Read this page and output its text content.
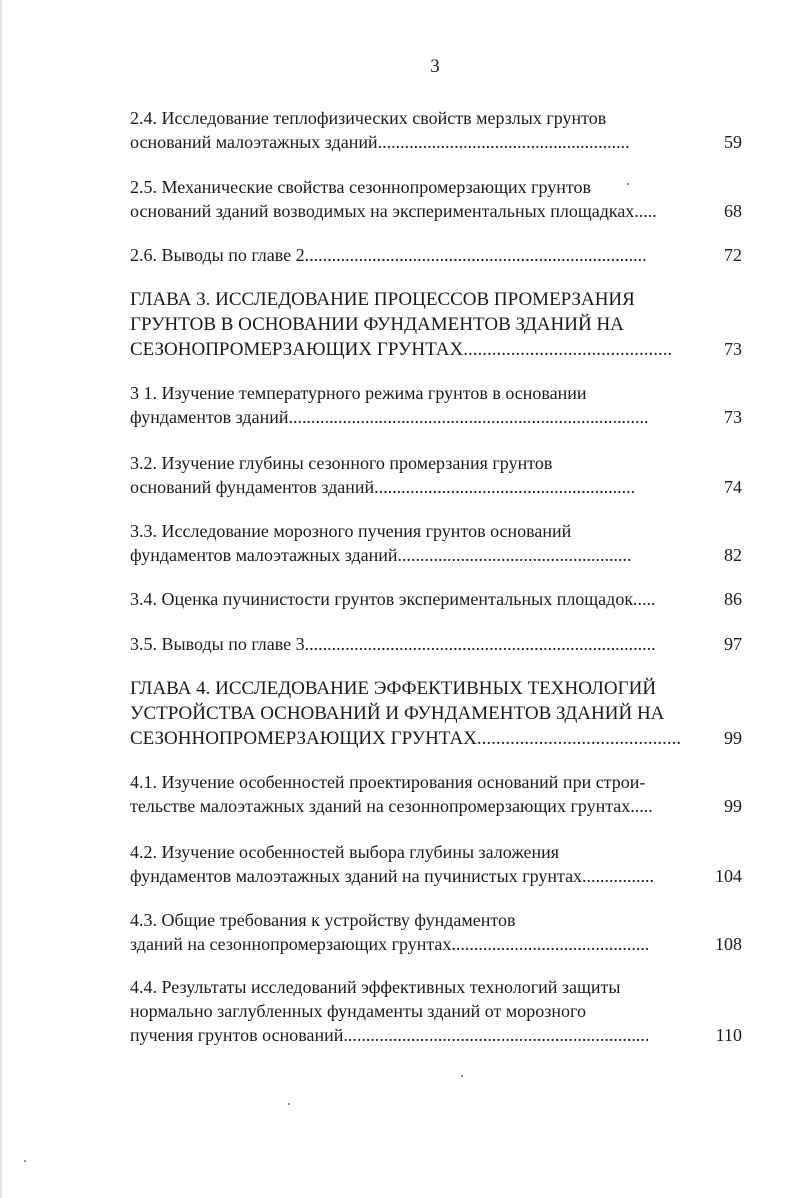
3
2.4. Исследование теплофизических свойств мерзлых грунтов
оснований малоэтажных зданий........................................................	59
2.5. Механические свойства сезоннопромерзающих грунтов
оснований зданий возводимых на экспериментальных площадках.....	68
2.6. Выводы по главе 2............................................................................	72
ГЛАВА 3. ИССЛЕДОВАНИЕ ПРОЦЕССОВ ПРОМЕРЗАНИЯ
ГРУНТОВ В ОСНОВАНИИ ФУНДАМЕНТОВ ЗДАНИЙ НА
СЕЗОНОПРОМЕРЗАЮЩИХ ГРУНТАХ............................................	73
3 1. Изучение температурного режима грунтов в основании
фундаментов зданий................................................................................	73
3.2. Изучение глубины сезонного промерзания грунтов
оснований фундаментов зданий..........................................................	74
3.3. Исследование морозного пучения грунтов оснований
фундаментов малоэтажных зданий....................................................	82
3.4. Оценка пучинистости грунтов экспериментальных площадок.....	86
3.5. Выводы по главе 3..............................................................................	97
ГЛАВА 4. ИССЛЕДОВАНИЕ ЭФФЕКТИВНЫХ ТЕХНОЛОГИЙ
УСТРОЙСТВА ОСНОВАНИЙ И ФУНДАМЕНТОВ ЗДАНИЙ НА
СЕЗОННОПРОМЕРЗАЮЩИХ ГРУНТАХ........................................... 99
4.1. Изучение особенностей проектирования оснований при строи-
тельстве малоэтажных зданий на сезоннопромерзающих грунтах.....	99
4.2. Изучение особенностей выбора глубины заложения
фундаментов малоэтажных зданий на пучинистых грунтах................	104
4.3. Общие требования к устройству фундаментов
зданий на сезоннопромерзающих грунтах............................................	108
4.4. Результаты исследований эффективных технологий защиты
нормально заглубленных фундаменты зданий от морозного
пучения грунтов оснований....................................................................	110
